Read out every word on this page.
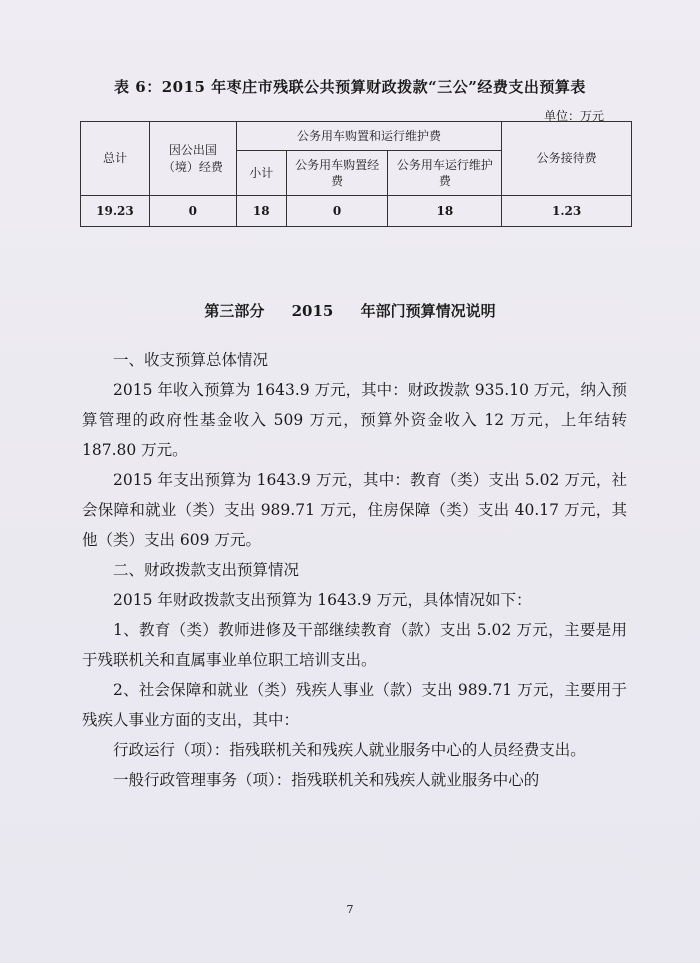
表 6：2015 年枣庄市残联公共预算财政拨款“三公”经费支出预算表
单位：万元
总计	因公出国（境）经费	公务用车购置和运行维护费			公务接待费
		小计	公务用车购置经费	公务用车运行维护费	
19.23	0	18	0	18	1.23
第三部分 2015 年部门预算情况说明

一、收支预算总体情况

2015 年收入预算为 1643.9 万元，其中：财政拨款 935.10 万元，纳入预算管理的政府性基金收入 509 万元，预算外资金收入 12 万元，上年结转 187.80 万元。

2015 年支出预算为 1643.9 万元，其中：教育（类）支出 5.02 万元，社会保障和就业（类）支出 989.71 万元，住房保障（类）支出 40.17 万元，其他（类）支出 609 万元。

二、财政拨款支出预算情况

2015 年财政拨款支出预算为 1643.9 万元，具体情况如下：

1、教育（类）教师进修及干部继续教育（款）支出 5.02 万元，主要是用于残联机关和直属事业单位职工培训支出。

2、社会保障和就业（类）残疾人事业（款）支出 989.71 万元，主要用于残疾人事业方面的支出，其中：

行政运行（项）：指残联机关和残疾人就业服务中心的人员经费支出。

一般行政管理事务（项）：指残联机关和残疾人就业服务中心的

7
